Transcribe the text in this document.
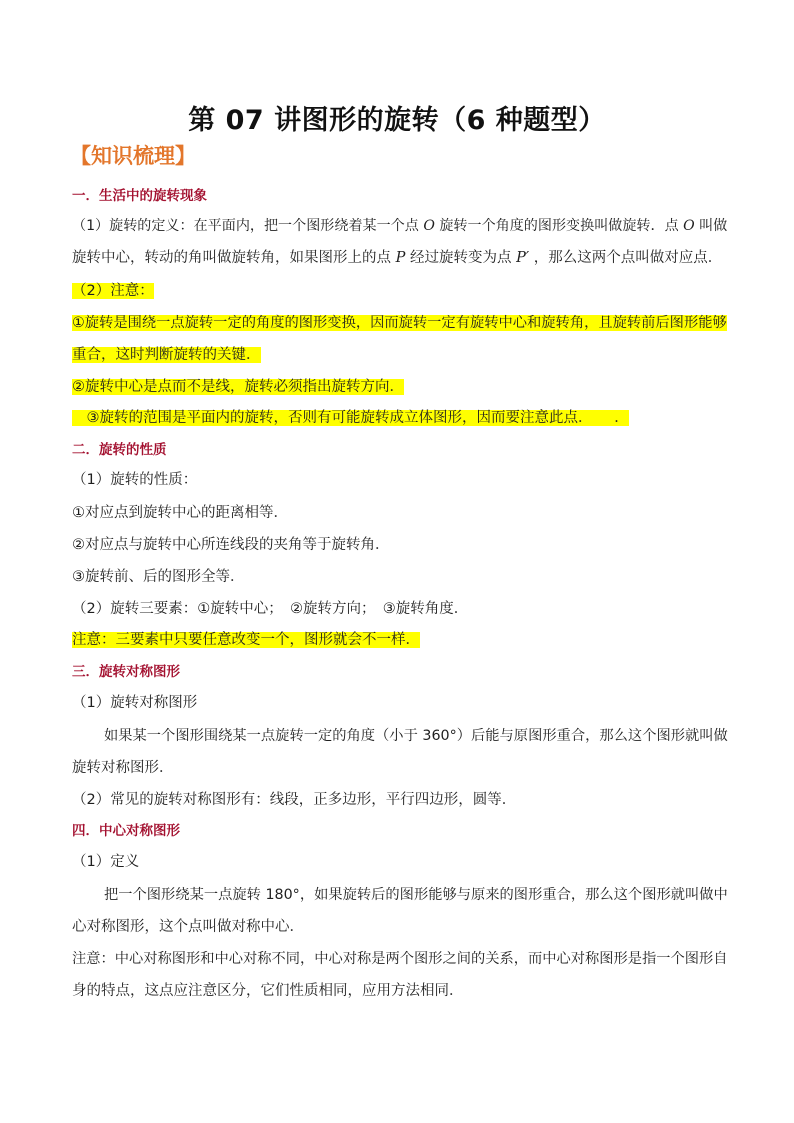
第 07 讲图形的旋转（6 种题型）
【知识梳理】
一．生活中的旋转现象
（1）旋转的定义：在平面内，把一个图形绕着某一个点 O 旋转一个角度的图形变换叫做旋转．点 O 叫做
旋转中心，转动的角叫做旋转角，如果图形上的点 P 经过旋转变为点 P′ ，那么这两个点叫做对应点．
（2）注意：
①旋转是围绕一点旋转一定的角度的图形变换，因而旋转一定有旋转中心和旋转角，且旋转前后图形能够
重合，这时判断旋转的关键．
②旋转中心是点而不是线，旋转必须指出旋转方向．
　③旋转的范围是平面内的旋转，否则有可能旋转成立体图形，因而要注意此点．　　．
二．旋转的性质
（1）旋转的性质：
①对应点到旋转中心的距离相等．
②对应点与旋转中心所连线段的夹角等于旋转角．
③旋转前、后的图形全等．
（2）旋转三要素：①旋转中心；　②旋转方向；　③旋转角度．
注意：三要素中只要任意改变一个，图形就会不一样．
三．旋转对称图形
（1）旋转对称图形
如果某一个图形围绕某一点旋转一定的角度（小于 360°）后能与原图形重合，那么这个图形就叫做
旋转对称图形．
（2）常见的旋转对称图形有：线段，正多边形，平行四边形，圆等．
四．中心对称图形
（1）定义
把一个图形绕某一点旋转 180°，如果旋转后的图形能够与原来的图形重合，那么这个图形就叫做中
心对称图形，这个点叫做对称中心．
注意：中心对称图形和中心对称不同，中心对称是两个图形之间的关系，而中心对称图形是指一个图形自
身的特点，这点应注意区分，它们性质相同，应用方法相同．
